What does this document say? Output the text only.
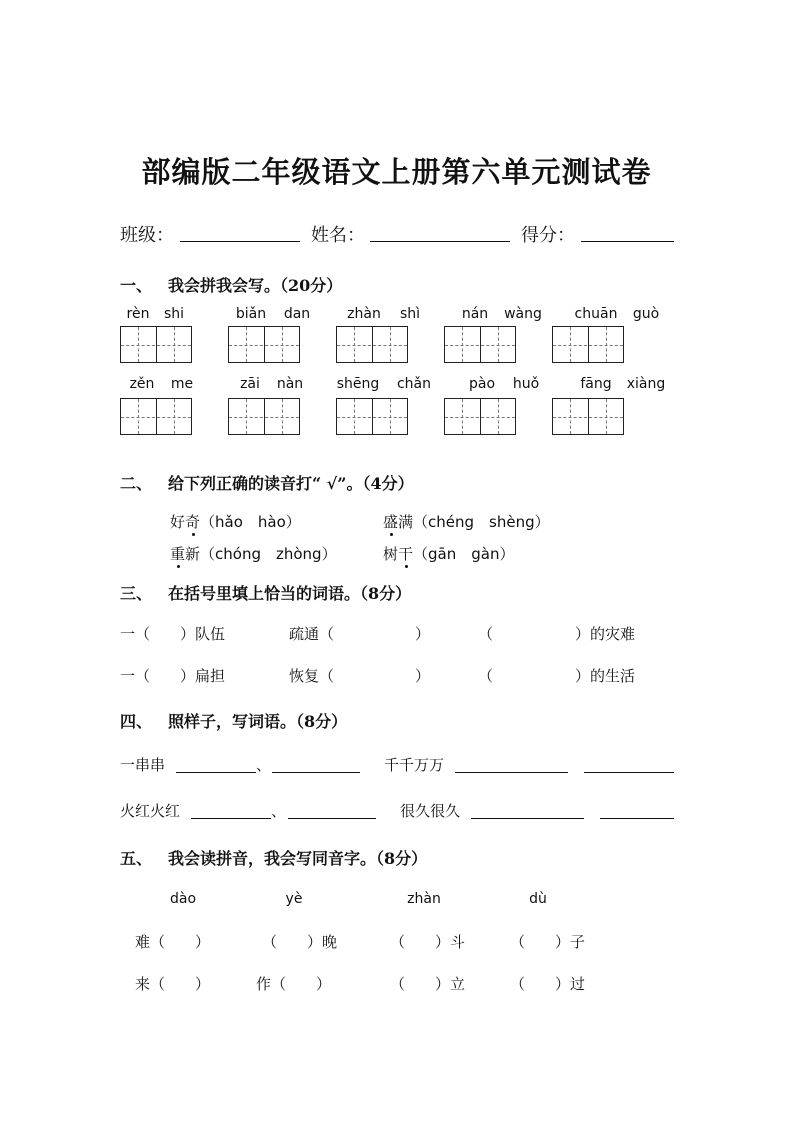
部编版二年级语文上册第六单元测试卷
班级：	姓名：	得分：
一、 我会拼我会写。（20分）
rèn	shi	biǎn	dan	zhàn	shì	nán	wàng	chuān	guò
zěn	me	zāi	nàn	shēng	chǎn	pào	huǒ	fāng	xiàng
二、 给下列正确的读音打“ √”。（4分）
好奇（hǎo　hào）	盛满（chéng　shèng）
重新（chóng　zhòng）	树干（gān　gàn）
三、 在括号里填上恰当的词语。（8分）
一（　　）队伍	疏通（	）	（	）的灾难
一（　　）扁担	恢复（	）	（	）的生活
四、 照样子，写词语。（8分）
一串串	、	千千万万
火红火红	、	很久很久
五、 我会读拼音，我会写同音字。（8分）
dào	yè	zhàn	dù
难（　　）	（　　）晚	（　　）斗	（　　）子
来（　　）	作（　　）	（　　）立	（　　）过
